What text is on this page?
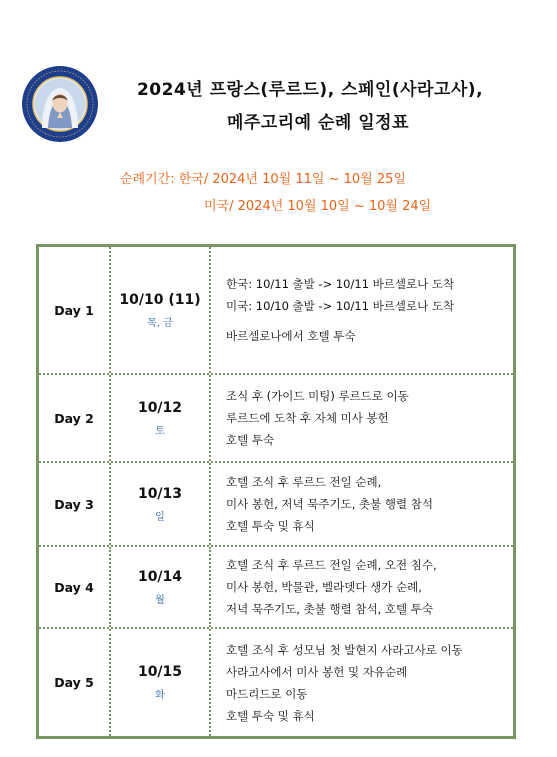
2024년 프랑스(루르드), 스페인(사라고사),
메주고리예 순례 일정표
순례기간: 한국/ 2024년 10월 11일 ~ 10월 25일
미국/ 2024년 10월 10일 ~ 10월 24일
Day 1
10/10 (11)
목, 금
한국: 10/11 출발 -> 10/11 바르셀로나 도착
미국: 10/10 출발 -> 10/11 바르셀로나 도착
바르셀로나에서 호텔 투숙
Day 2
10/12
토
조식 후 (가이드 미팅) 루르드로 이동
루르드에 도착 후 자체 미사 봉헌
호텔 투숙
Day 3
10/13
일
호텔 조식 후 루르드 전일 순례,
미사 봉헌, 저녁 묵주기도, 촛불 행렬 참석
호텔 투숙 및 휴식
Day 4
10/14
월
호텔 조식 후 루르드 전일 순례, 오전 침수,
미사 봉헌, 박물관, 벨라뎃다 생가 순례,
저녁 묵주기도, 촛불 행렬 참석, 호텔 투숙
Day 5
10/15
화
호텔 조식 후 성모님 첫 발현지 사라고사로 이동
사라고사에서 미사 봉헌 및 자유순례
마드리드로 이동
호텔 투숙 및 휴식
